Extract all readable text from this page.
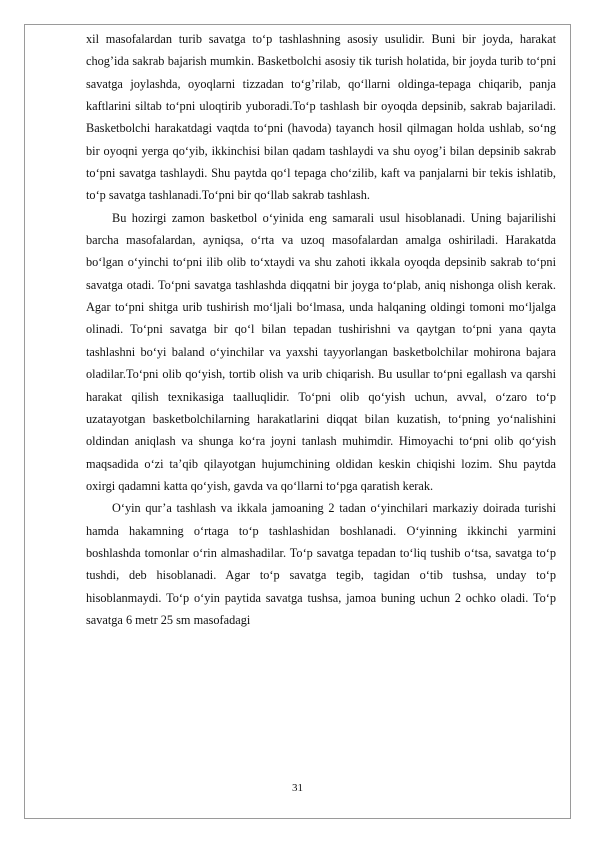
xil masofalardan turib savatga to‘p tashlashning asosiy usulidir. Buni bir joyda, harakat chog’ida sakrab bajarish mumkin. Basketbolchi asosiy tik turish holatida, bir joyda turib to‘pni savatga joylashda, oyoqlarni tizzadan to‘g’rilab, qo‘llarni oldinga-tepaga chiqarib, panja kaftlarini siltab to‘pni uloqtirib yuboradi.To‘p tashlash bir oyoqda depsinib, sakrab bajariladi. Basketbolchi harakatdagi vaqtda to‘pni (havoda) tayanch hosil qilmagan holda ushlab, so‘ng bir oyoqni yerga qo‘yib, ikkinchisi bilan qadam tashlaydi va shu oyog’i bilan depsinib sakrab to‘pni savatga tashlaydi. Shu paytda qo‘l tepaga cho‘zilib, kaft va panjalarni bir tekis ishlatib, to‘p savatga tashlanadi.To‘pni bir qo‘llab sakrab tashlash.

Bu hozirgi zamon basketbol o‘yinida eng samarali usul hisoblanadi. Uning bajarilishi barcha masofalardan, ayniqsa, o‘rta va uzoq masofalardan amalga oshiriladi. Harakatda bo‘lgan o‘yinchi to‘pni ilib olib to‘xtaydi va shu zahoti ikkala oyoqda depsinib sakrab to‘pni savatga otadi. To‘pni savatga tashlashda diqqatni bir joyga to‘plab, aniq nishonga olish kerak. Agar to‘pni shitga urib tushirish mo‘ljali bo‘lmasa, unda halqaning oldingi tomoni mo‘ljalga olinadi. To‘pni savatga bir qo‘l bilan tepadan tushirishni va qaytgan to‘pni yana qayta tashlashni bo‘yi baland o‘yinchilar va yaxshi tayyorlangan basketbolchilar mohirona bajara oladilar.To‘pni olib qo‘yish, tortib olish va urib chiqarish. Bu usullar to‘pni egallash va qarshi harakat qilish texnikasiga taalluqlidir. To‘pni olib qo‘yish uchun, avval, o‘zaro to‘p uzatayotgan basketbolchilarning harakatlarini diqqat bilan kuzatish, to‘pning yo‘nalishini oldindan aniqlash va shunga ko‘ra joyni tanlash muhimdir. Himoyachi to‘pni olib qo‘yish maqsadida o‘zi ta’qib qilayotgan hujumchining oldidan keskin chiqishi lozim. Shu paytda oxirgi qadamni katta qo‘yish, gavda va qo‘llarni to‘pga qaratish kerak.

O‘yin qur’a tashlash va ikkala jamoaning 2 tadan o‘yinchilari markaziy doirada turishi hamda hakamning o‘rtaga to‘p tashlashidan boshlanadi. O‘yinning ikkinchi yarmini boshlashda tomonlar o‘rin almashadilar. To‘p savatga tepadan to‘liq tushib o‘tsa, savatga to‘p tushdi, deb hisoblanadi. Agar to‘p savatga tegib, tagidan o‘tib tushsa, unday to‘p hisoblanmaydi. To‘p o‘yin paytida savatga tushsa, jamoa buning uchun 2 ochko oladi. To‘p savatga 6 metr 25 sm masofadagi

31
